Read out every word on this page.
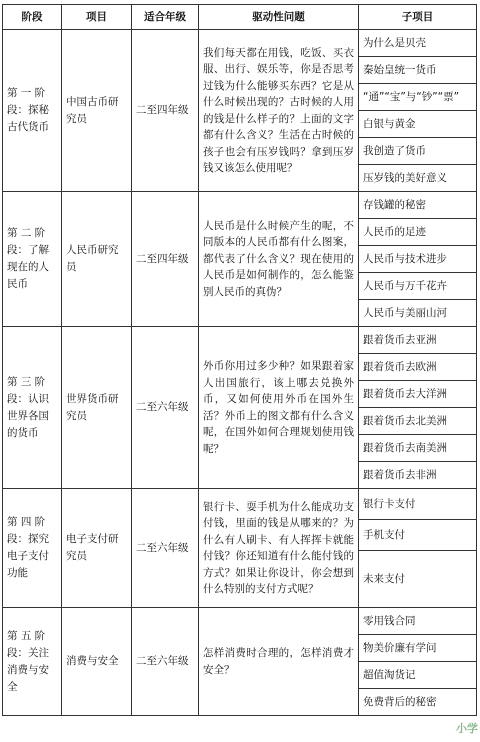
阶段	项目	适合年级	驱动性问题	子项目
第 一 阶段：探秘古代货币	中国古币研究员	二至四年级	我们每天都在用钱，吃饭、买衣服、出行、娱乐等，你是否思考过钱为什么能够买东西？它是从什么时候出现的？古时候的人用的钱是什么样子的？上面的文字都有什么含义？生活在古时候的孩子也会有压岁钱吗？拿到压岁钱又该怎么使用呢？	为什么是贝壳
				秦始皇统一货币
				“通”“宝”与“钞”“票”
				白银与黄金
				我创造了货币
				压岁钱的美好意义
第 二 阶段：了解现在的人民币	人民币研究员	二至四年级	人民币是什么时候产生的呢，不同版本的人民币都有什么图案，都代表了什么含义？现在使用的人民币是如何制作的，怎么能鉴别人民币的真伪？	存钱罐的秘密
				人民币的足迹
				人民币与技术进步
				人民币与万千花卉
				人民币与美丽山河
第 三 阶段：认识世界各国的货币	世界货币研究员	二至六年级	外币你用过多少种？如果跟着家人出国旅行，该上哪去兑换外币，又如何使用外币在国外生活？外币上的图文都有什么含义呢，在国外如何合理规划使用钱呢？	跟着货币去亚洲
				跟着货币去欧洲
				跟着货币去大洋洲
				跟着货币去北美洲
				跟着货币去南美洲
				跟着货币去非洲
第 四 阶段：探究电子支付功能	电子支付研究员	二至六年级	银行卡、耍手机为什么能成功支付钱，里面的钱是从哪来的？为什么有人刷卡、有人挥挥卡就能付钱？你还知道有什么能付钱的方式？如果让你设计，你会想到什么特别的支付方式呢？	银行卡支付
				手机支付
				未来支付
第 五 阶段：关注消费与安全	消费与安全	二至六年级	怎样消费时合理的，怎样消费才安全？	零用钱合同
				物美价廉有学问
				超值淘货记
				免费背后的秘密
小学
